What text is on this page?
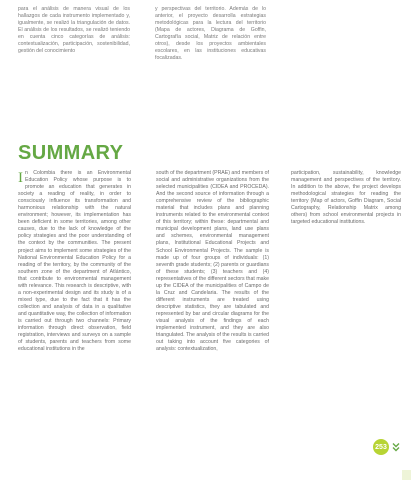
para el análisis de manera visual de los hallazgos de cada instrumento implementado y, igualmente, se realizó la triangulación de datos. El análisis de los resultados, se realizó teniendo en cuenta cinco categorías de análisis: contextualización, participación, sostenibilidad, gestión del conocimiento

y perspectivas del territorio. Además de lo anterior, el proyecto desarrolla estrategias metodológicas para la lectura del territorio (Mapa de actores, Diagrama de Goffin, Cartografía social, Matriz de relación entre otros), desde los proyectos ambientales escolares, en las instituciones educativas focalizadas.

SUMMARY
I n Colombia there is an Environmental Education Policy whose purpose is to promote an education that generates in society a reading of reality, in order to consciously influence its transformation and harmonious relationship with the natural environment; however, its implementation has been deficient in some territories, among other causes, due to the lack of knowledge of the policy strategies and the poor understanding of the context by the communities. The present project aims to implement some strategies of the National Environmental Education Policy for a reading of the territory, by the community of the southern zone of the department of Atlántico, that contribute to environmental management with relevance. This research is descriptive, with a non-experimental design and its study is of a mixed type, due to the fact that it has the collection and analysis of data in a qualitative and quantitative way, the collection of information is carried out through two channels: Primary information through direct observation, field registration, interviews and surveys on a sample of students, parents and teachers from some educational institutions in the

south of the department (PRAE) and members of social and administrative organizations from the selected municipalities (CIDEA and PROCEDA). And the second source of information through a comprehensive review of the bibliographic material that includes plans and planning instruments related to the environmental context of this territory; within these: departmental and municipal development plans, land use plans and schemes, environmental management plans, Institutional Educational Projects and School Environmental Projects. The sample is made up of four groups of individuals: (1) seventh grade students; (2) parents or guardians of these students; (3) teachers and (4) representatives of the different sectors that make up the CIDEA of the municipalities of Campo de la Cruz and Candelaria. The results of the different instruments are treated using descriptive statistics, they are tabulated and represented by bar and circular diagrams for the visual analysis of the findings of each implemented instrument, and they are also triangulated. The analysis of the results is carried out taking into account five categories of analysis: contextualization,

participation, sustainability, knowledge management and perspectives of the territory. In addition to the above, the project develops methodological strategies for reading the territory (Map of actors, Goffin Diagram, Social Cartography, Relationship Matrix among others) from school environmental projects in targeted educational institutions.

253
